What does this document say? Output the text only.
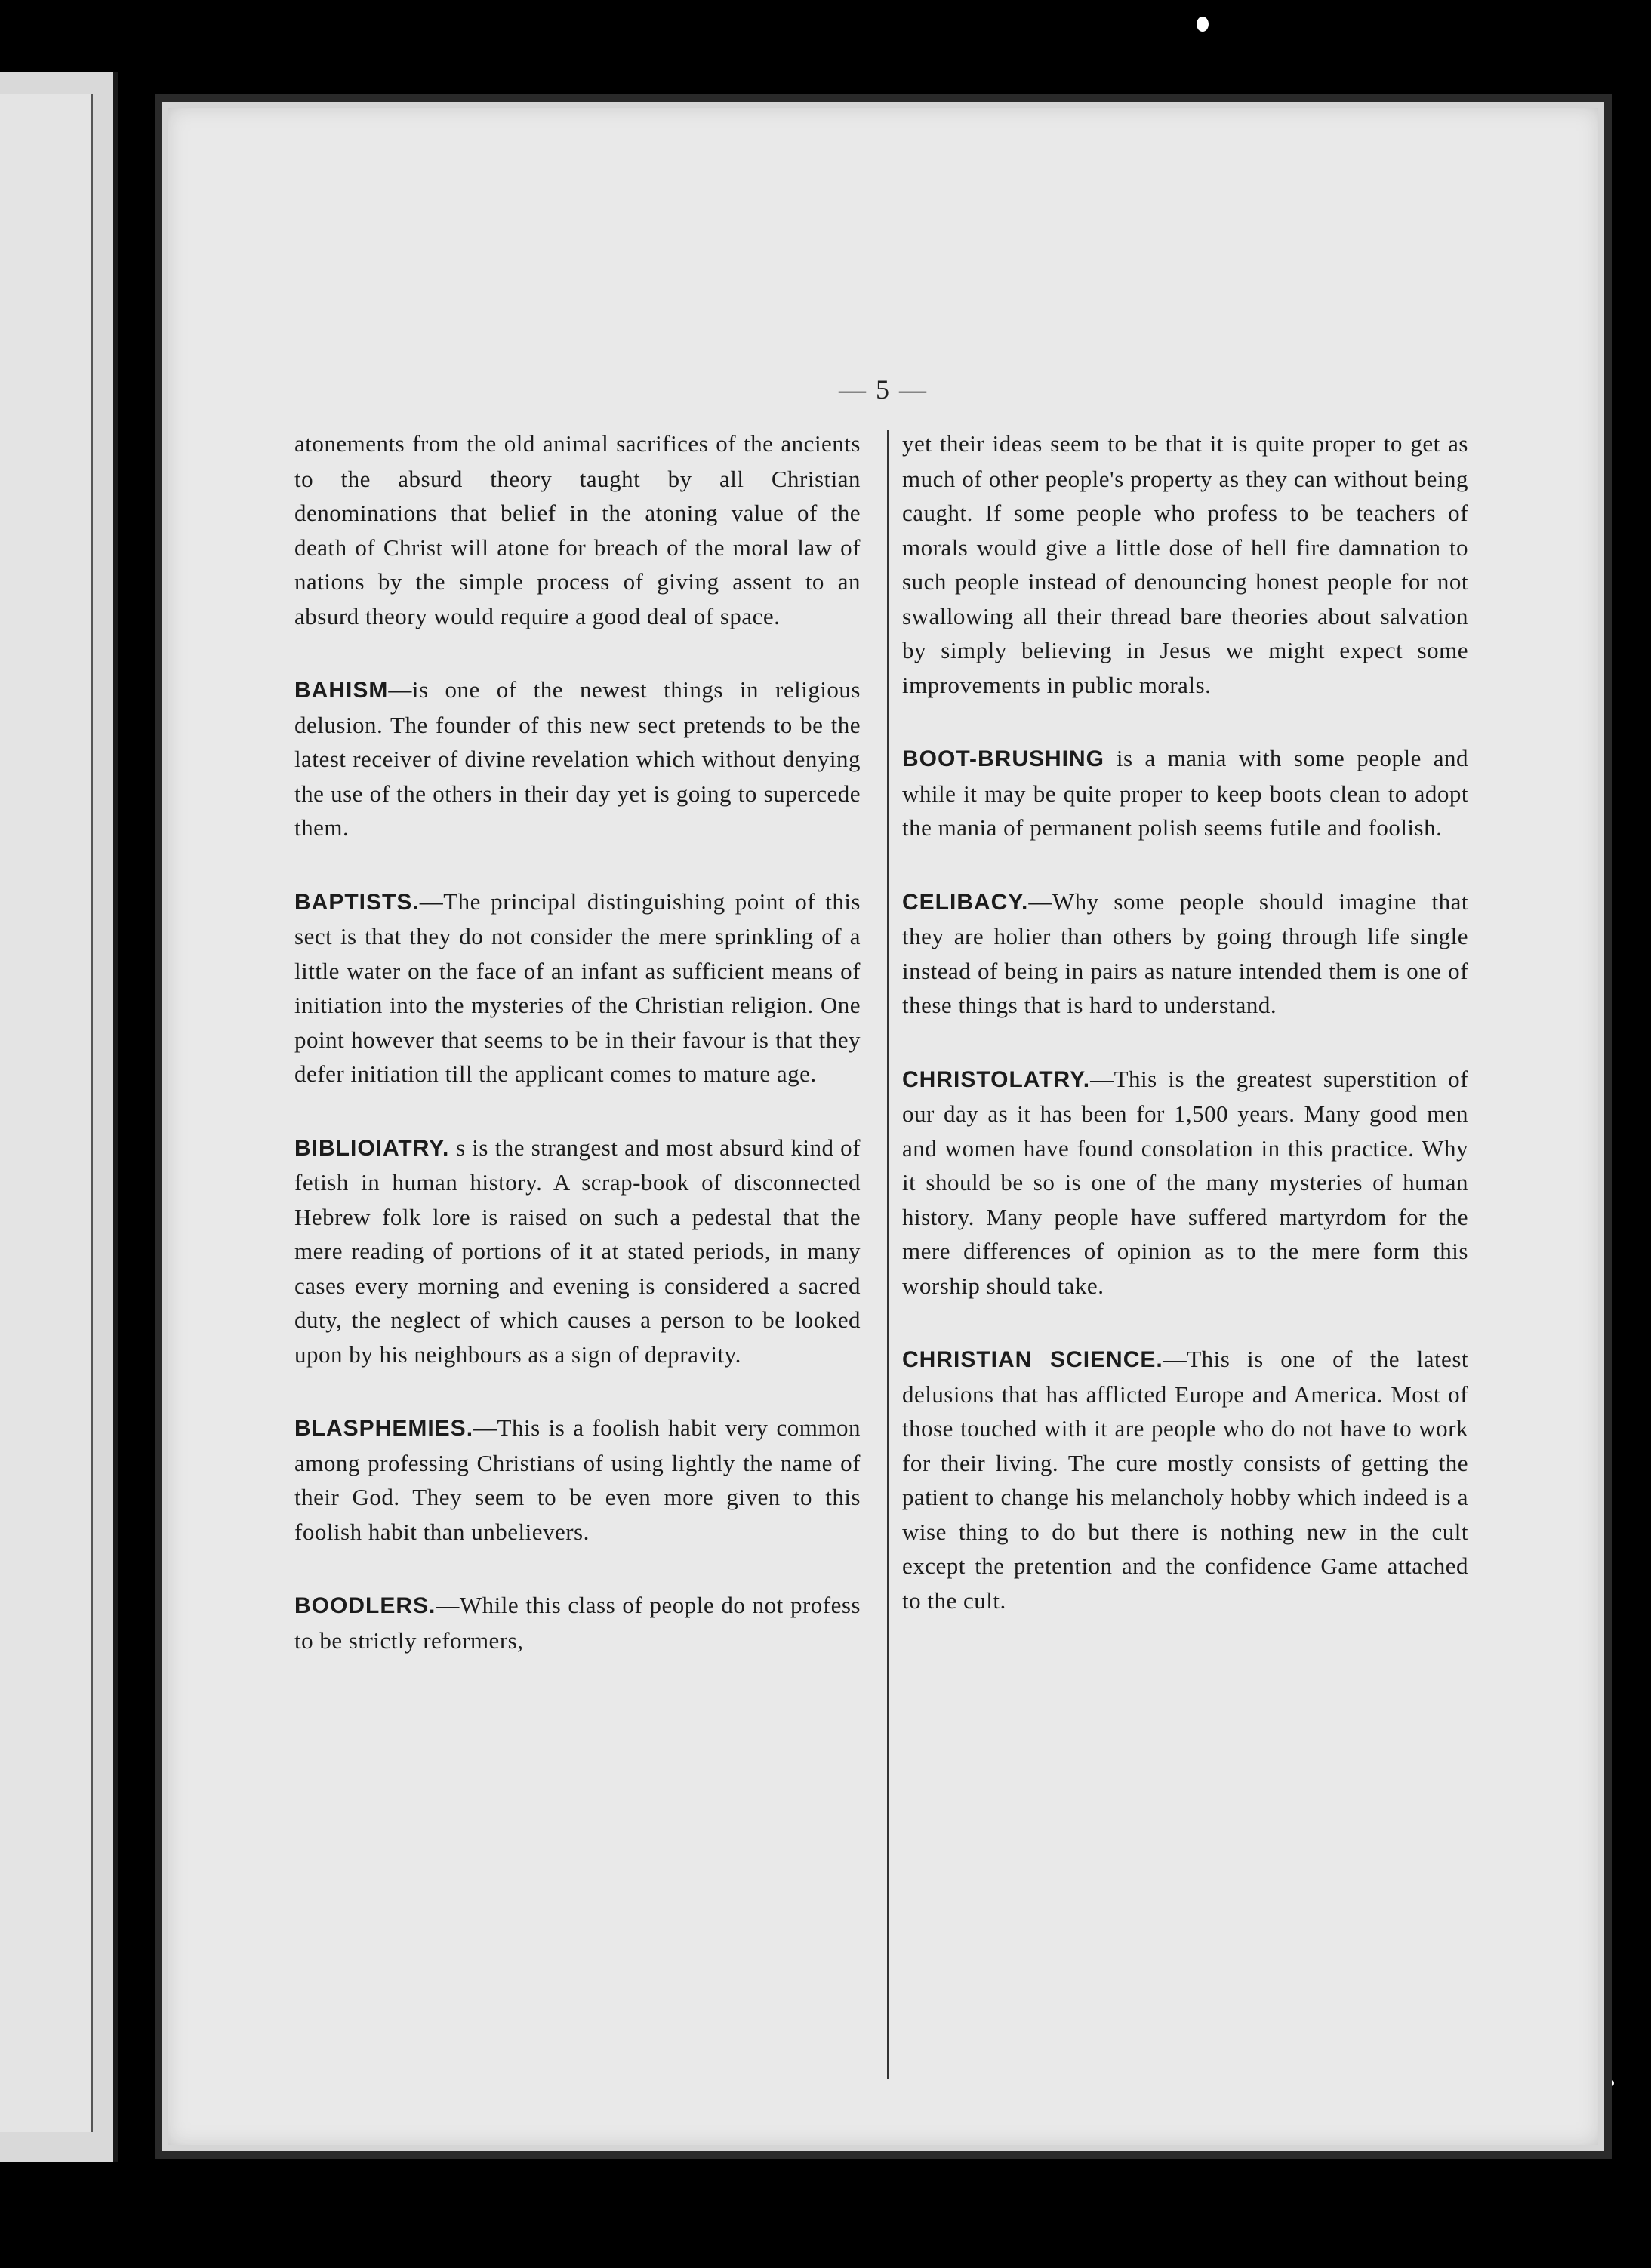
— 5 —

atonements from the old animal sacrifices of the ancients to the absurd theory taught by all Christian denominations that belief in the atoning value of the death of Christ will atone for breach of the moral law of nations by the simple process of giving assent to an absurd theory would require a good deal of space.

BAHISM—is one of the newest things in religious delusion. The founder of this new sect pretends to be the latest receiver of divine revelation which without denying the use of the others in their day yet is going to supercede them.

BAPTISTS.—The principal distinguishing point of this sect is that they do not consider the mere sprinkling of a little water on the face of an infant as sufficient means of initiation into the mysteries of the Christian religion. One point however that seems to be in their favour is that they defer initiation till the applicant comes to mature age.

BIBLIOIATRY. s is the strangest and most absurd kind of fetish in human history. A scrap-book of disconnected Hebrew folk lore is raised on such a pedestal that the mere reading of portions of it at stated periods, in many cases every morning and evening is considered a sacred duty, the neglect of which causes a person to be looked upon by his neighbours as a sign of depravity.

BLASPHEMIES.—This is a foolish habit very common among professing Christians of using lightly the name of their God. They seem to be even more given to this foolish habit than unbelievers.

BOODLERS.—While this class of people do not profess to be strictly reformers,

yet their ideas seem to be that it is quite proper to get as much of other people's property as they can without being caught. If some people who profess to be teachers of morals would give a little dose of hell fire damnation to such people instead of denouncing honest people for not swallowing all their thread bare theories about salvation by simply believing in Jesus we might expect some improvements in public morals.

BOOT-BRUSHING is a mania with some people and while it may be quite proper to keep boots clean to adopt the mania of permanent polish seems futile and foolish.

CELIBACY.—Why some people should imagine that they are holier than others by going through life single instead of being in pairs as nature intended them is one of these things that is hard to understand.

CHRISTOLATRY.—This is the greatest superstition of our day as it has been for 1,500 years. Many good men and women have found consolation in this practice. Why it should be so is one of the many mysteries of human history. Many people have suffered martyrdom for the mere differences of opinion as to the mere form this worship should take.

CHRISTIAN SCIENCE.—This is one of the latest delusions that has afflicted Europe and America. Most of those touched with it are people who do not have to work for their living. The cure mostly consists of getting the patient to change his melancholy hobby which indeed is a wise thing to do but there is nothing new in the cult except the pretention and the confidence Game attached to the cult.
